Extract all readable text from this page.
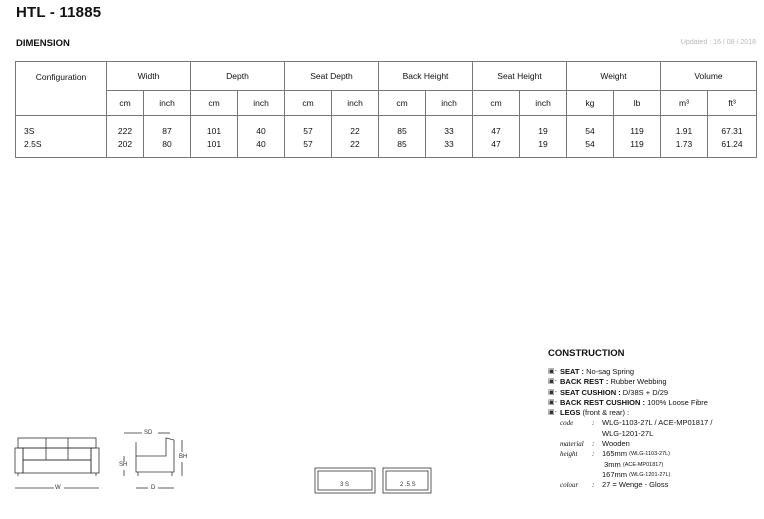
HTL - 11885
DIMENSION	Updated : 16 / 08 / 2018
Configuration	Width		Depth		Seat Depth		Back Height		Seat Height		Weight		Volume	
	cm	inch	cm	inch	cm	inch	cm	inch	cm	inch	kg	lb	m³	ft³

3S	222	87	101	40	57	22	85	33	47	19	54	119	1.91	67.31
2.5S	202	80	101	40	57	22	85	33	47	19	54	119	1.73	61.24

W
SD
SH
BH
D	3 S	2 .5 S
CONSTRUCTION
▣- SEAT :
No-sag Spring
▣- BACK REST :
Rubber Webbing
▣- SEAT CUSHION :
D/38S + D/29
▣- BACK REST CUSHION :
100% Loose Fibre
▣- LEGS
(front & rear) :
code	:	WLG-1103-27L / ACE-MP01817 /
WLG-1201-27L
material	:	Wooden
height	:	165mm
(WLG-1103-27L)

3mm
(ACE-MP01817)
167mm
(WLG-1201-27L)
colour	:	27 = Wenge - Gloss
